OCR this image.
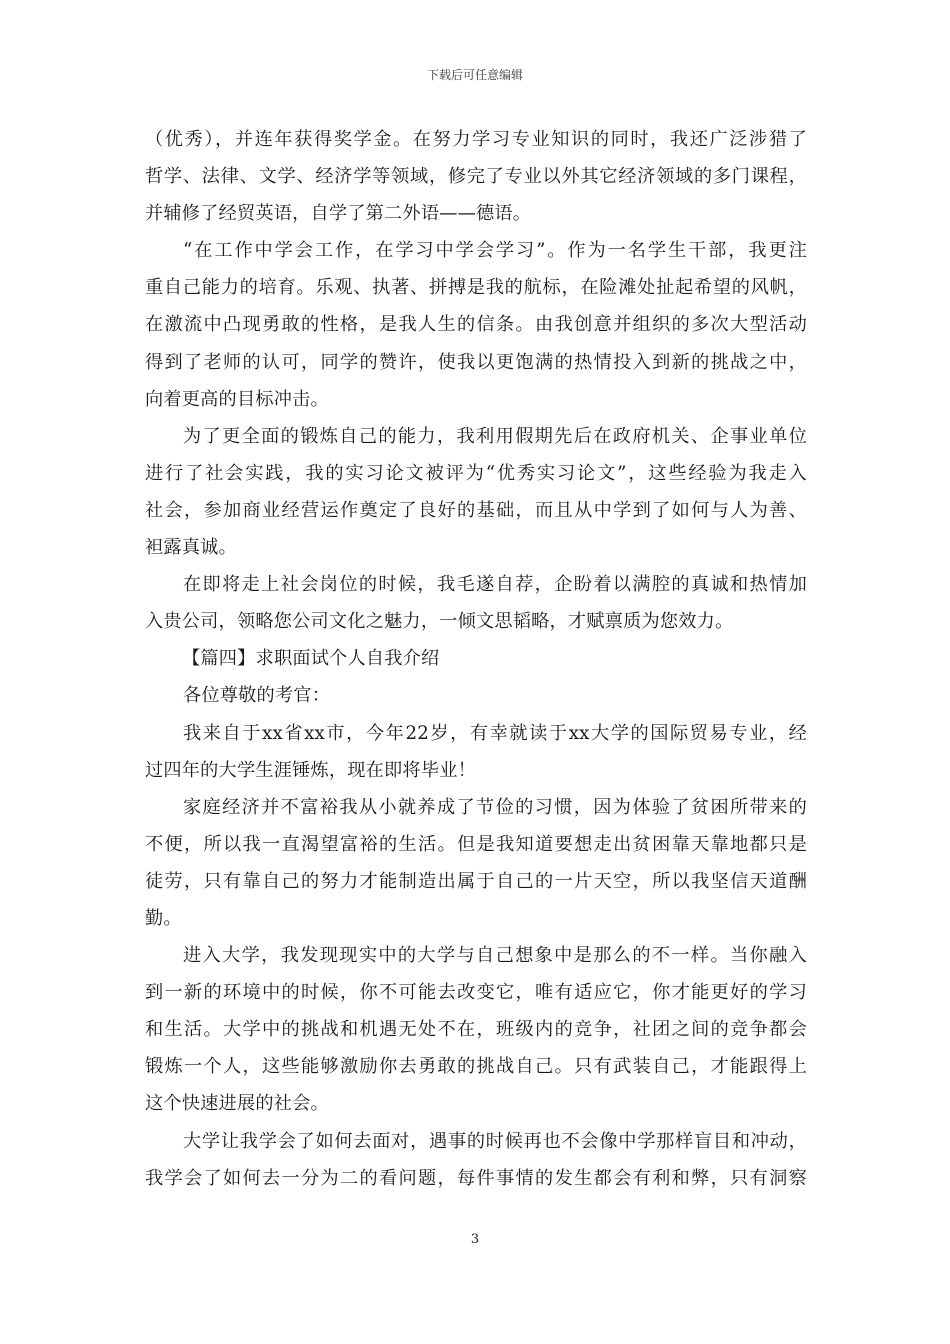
下载后可任意编辑
（优秀），并连年获得奖学金。在努力学习专业知识的同时，我还广泛涉猎了
哲学、法律、文学、经济学等领域，修完了专业以外其它经济领域的多门课程，
并辅修了经贸英语，自学了第二外语——德语。
“在工作中学会工作，在学习中学会学习”。作为一名学生干部，我更注
重自己能力的培育。乐观、执著、拼搏是我的航标，在险滩处扯起希望的风帆，
在激流中凸现勇敢的性格，是我人生的信条。由我创意并组织的多次大型活动
得到了老师的认可，同学的赞许，使我以更饱满的热情投入到新的挑战之中，
向着更高的目标冲击。
为了更全面的锻炼自己的能力，我利用假期先后在政府机关、企事业单位
进行了社会实践，我的实习论文被评为“优秀实习论文”，这些经验为我走入
社会，参加商业经营运作奠定了良好的基础，而且从中学到了如何与人为善、
袒露真诚。
在即将走上社会岗位的时候，我毛遂自荐，企盼着以满腔的真诚和热情加
入贵公司，领略您公司文化之魅力，一倾文思韬略，才赋禀质为您效力。
【篇四】求职面试个人自我介绍
各位尊敬的考官：
我来自于xx省xx市，今年22岁，有幸就读于xx大学的国际贸易专业，经
过四年的大学生涯锤炼，现在即将毕业！
家庭经济并不富裕我从小就养成了节俭的习惯，因为体验了贫困所带来的
不便，所以我一直渴望富裕的生活。但是我知道要想走出贫困靠天靠地都只是
徒劳，只有靠自己的努力才能制造出属于自己的一片天空，所以我坚信天道酬
勤。
进入大学，我发现现实中的大学与自己想象中是那么的不一样。当你融入
到一新的环境中的时候，你不可能去改变它，唯有适应它，你才能更好的学习
和生活。大学中的挑战和机遇无处不在，班级内的竞争，社团之间的竞争都会
锻炼一个人，这些能够激励你去勇敢的挑战自己。只有武装自己，才能跟得上
这个快速进展的社会。
大学让我学会了如何去面对，遇事的时候再也不会像中学那样盲目和冲动，
我学会了如何去一分为二的看问题，每件事情的发生都会有利和弊，只有洞察
3
